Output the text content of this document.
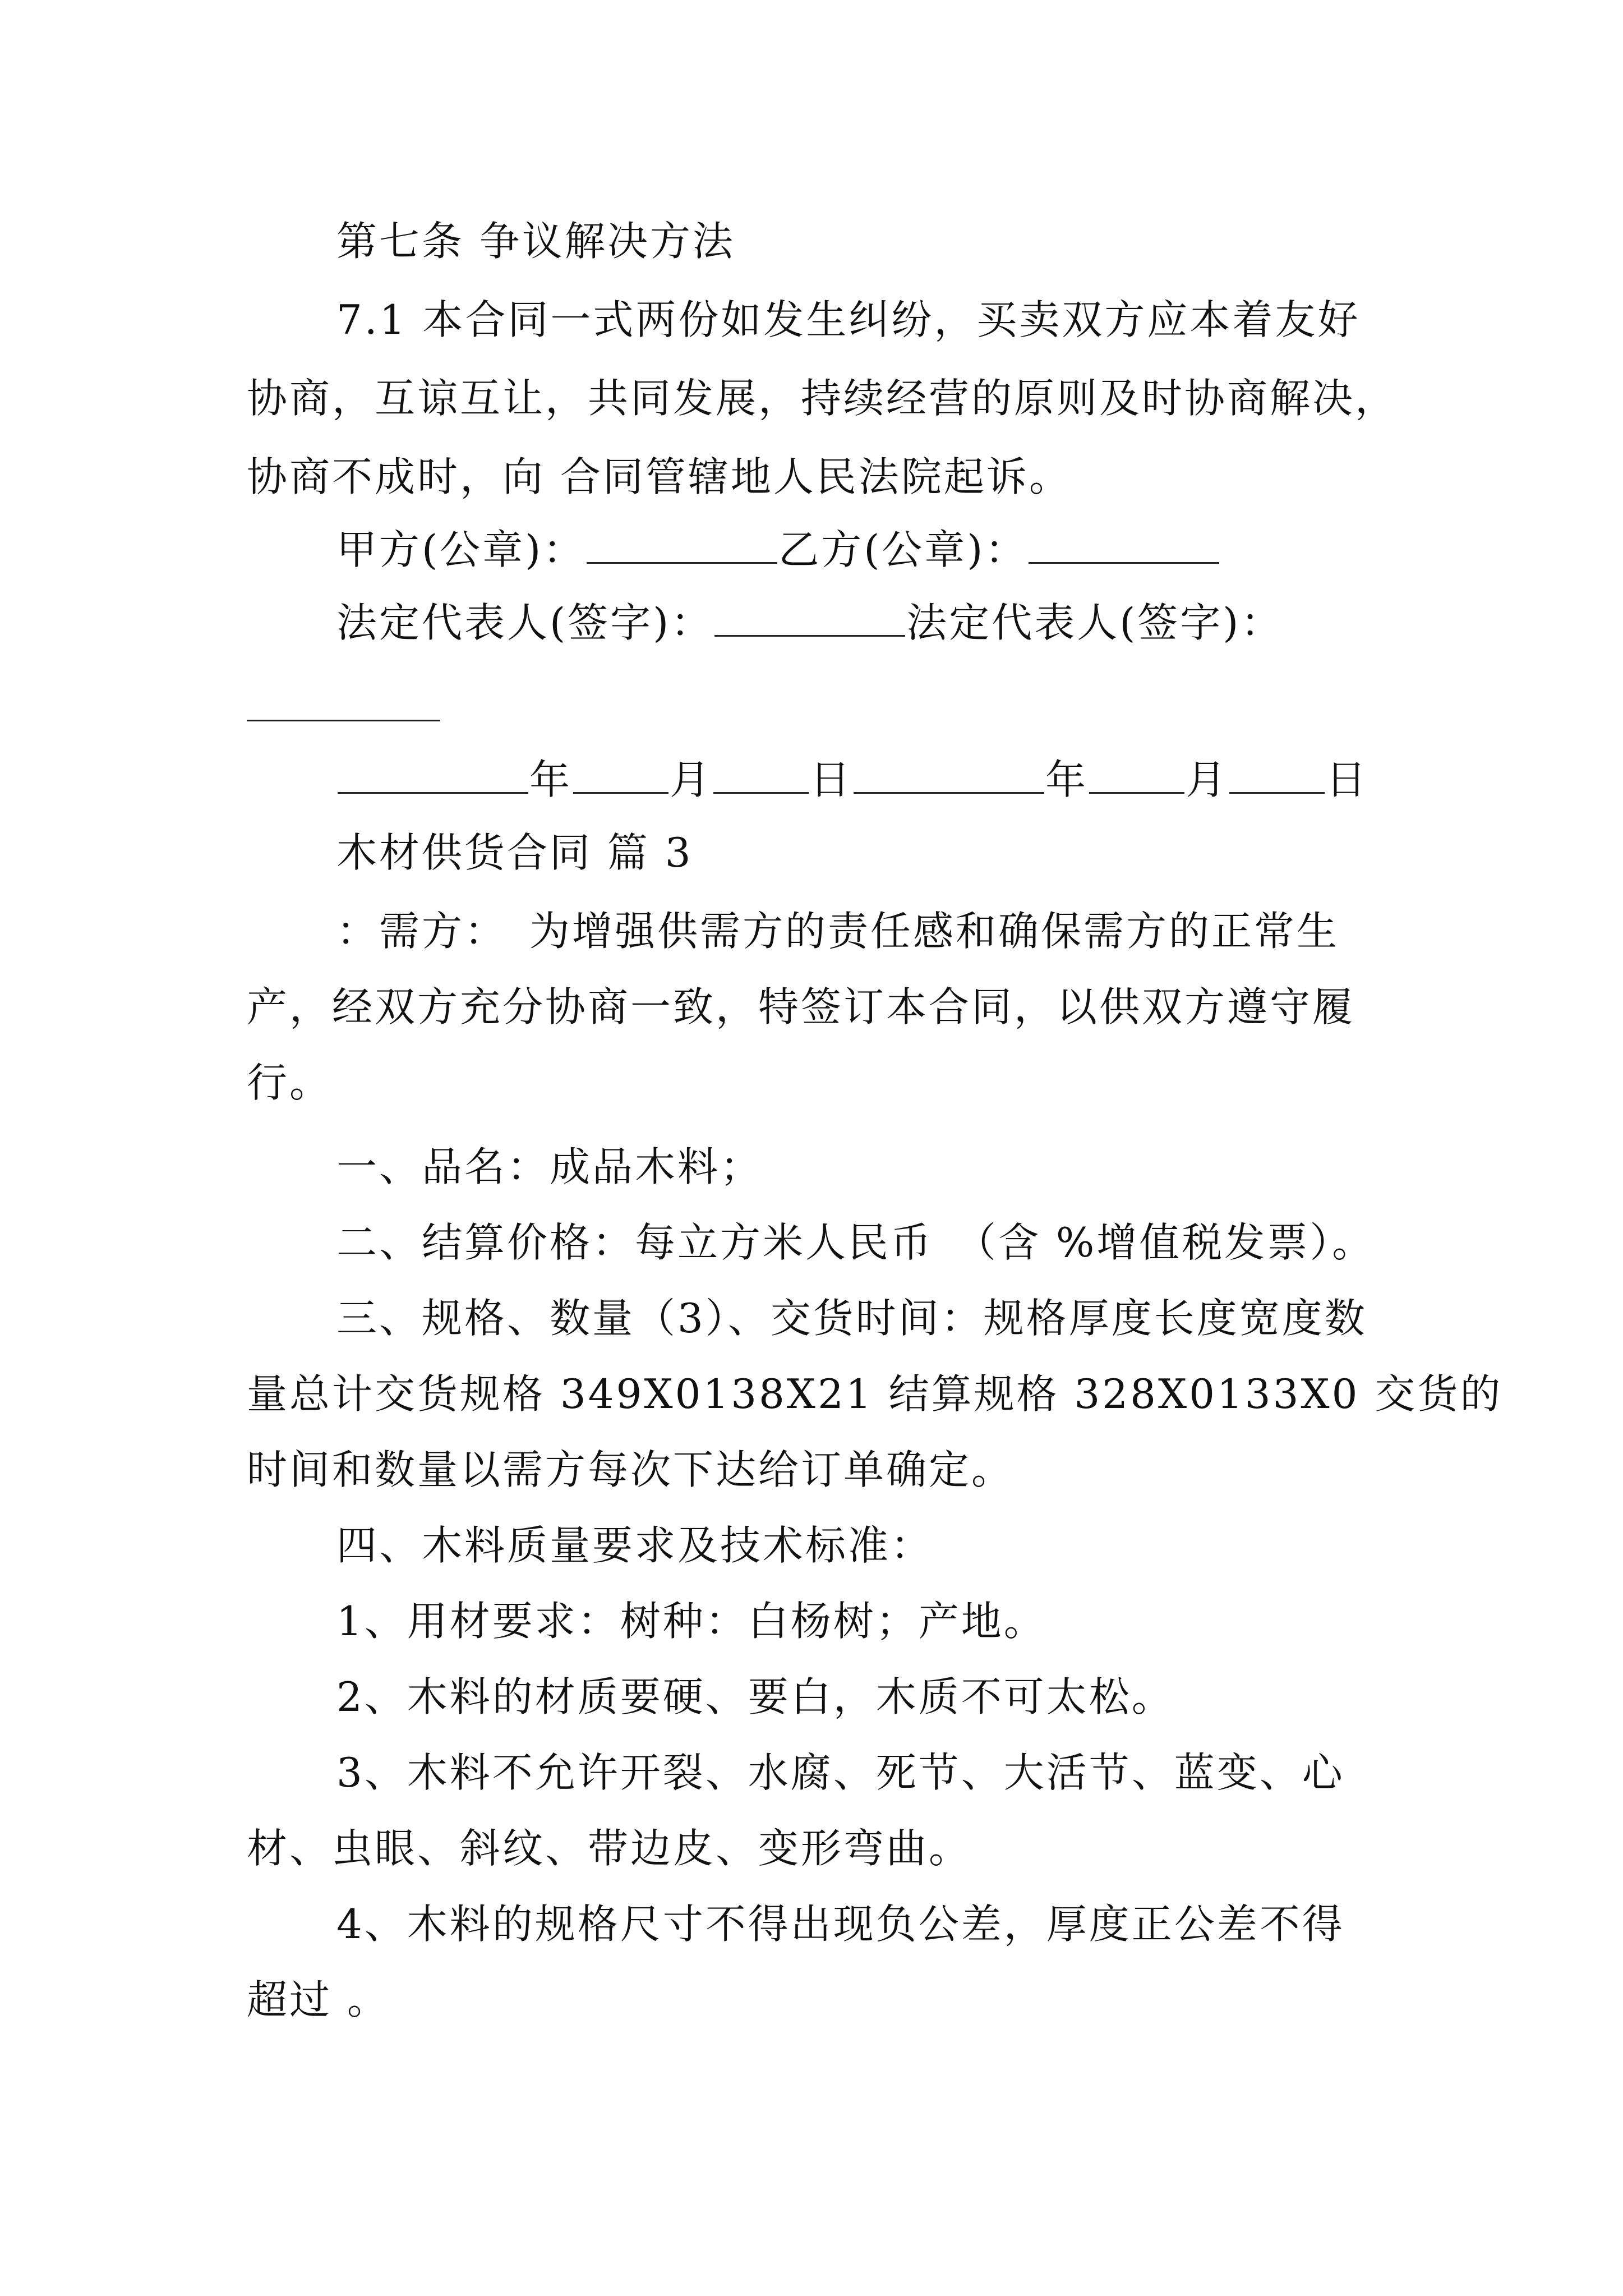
第七条 争议解决方法
7.1 本合同一式两份如发生纠纷，买卖双方应本着友好
协商，互谅互让，共同发展，持续经营的原则及时协商解决，
协商不成时，向 合同管辖地人民法院起诉。
甲方(公章)：	乙方(公章)：
法定代表人(签字)：	法定代表人(签字)：
年 月 日	年 月 日
木材供货合同 篇 3
：需方：　为增强供需方的责任感和确保需方的正常生
产，经双方充分协商一致，特签订本合同，以供双方遵守履
行。
一、品名：成品木料；
二、结算价格：每立方米人民币　（含 %增值税发票）。
三、规格、数量（3）、交货时间：规格厚度长度宽度数
量总计交货规格 349X0138X21 结算规格 328X0133X0 交货的
时间和数量以需方每次下达给订单确定。
四、木料质量要求及技术标准：
1、用材要求：树种：白杨树；产地。
2、木料的材质要硬、要白，木质不可太松。
3、木料不允许开裂、水腐、死节、大活节、蓝变、心
材、虫眼、斜纹、带边皮、变形弯曲。
4、木料的规格尺寸不得出现负公差，厚度正公差不得
超过 。
